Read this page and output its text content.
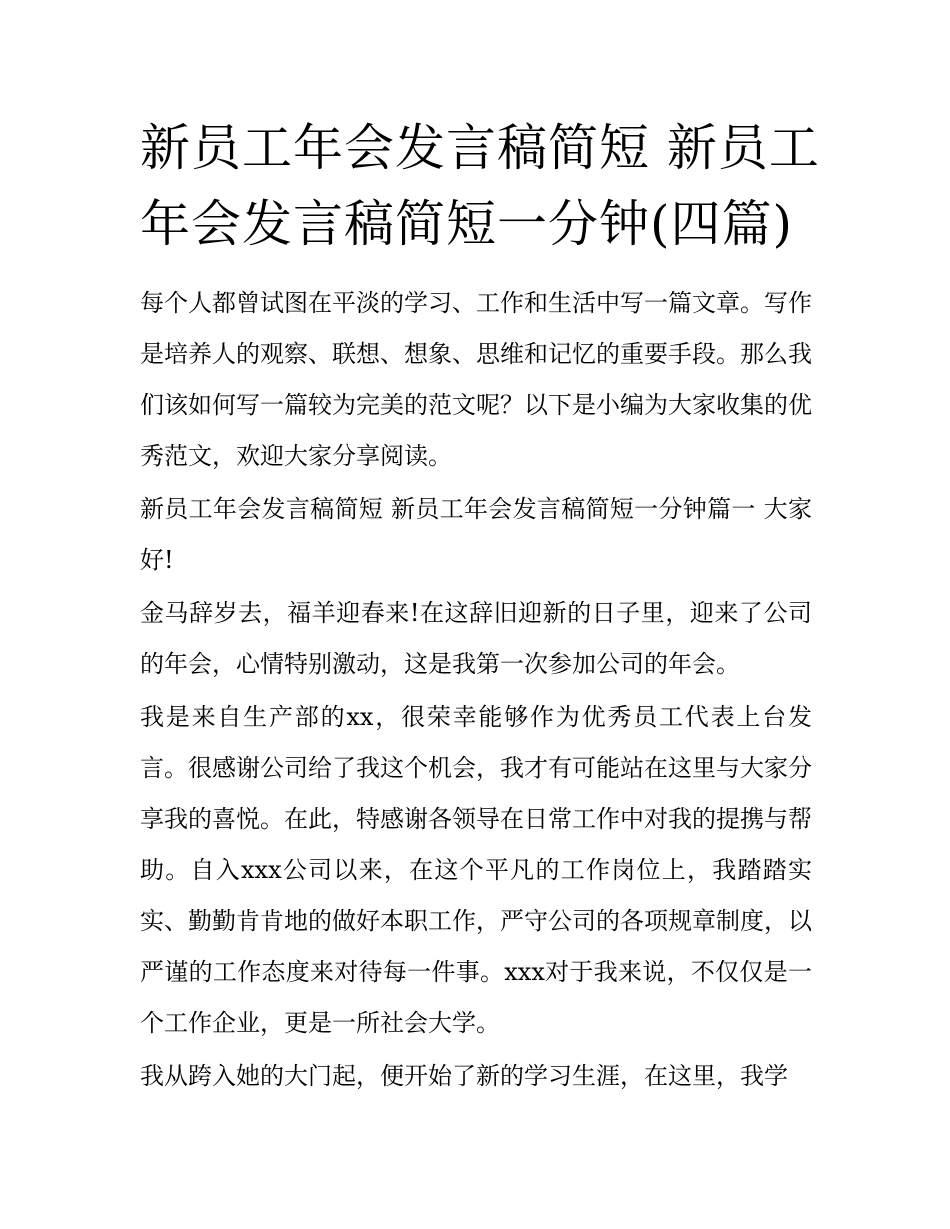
新员工年会发言稿简短 新员工年会发言稿简短一分钟(四篇)

每个人都曾试图在平淡的学习、工作和生活中写一篇文章。写作是培养人的观察、联想、想象、思维和记忆的重要手段。那么我们该如何写一篇较为完美的范文呢？以下是小编为大家收集的优秀范文，欢迎大家分享阅读。

新员工年会发言稿简短 新员工年会发言稿简短一分钟篇一 大家好!

金马辞岁去，福羊迎春来!在这辞旧迎新的日子里，迎来了公司的年会，心情特别激动，这是我第一次参加公司的年会。

我是来自生产部的xx，很荣幸能够作为优秀员工代表上台发言。很感谢公司给了我这个机会，我才有可能站在这里与大家分享我的喜悦。在此，特感谢各领导在日常工作中对我的提携与帮助。自入xxx公司以来，在这个平凡的工作岗位上，我踏踏实实、勤勤肯肯地的做好本职工作，严守公司的各项规章制度，以严谨的工作态度来对待每一件事。xxx对于我来说，不仅仅是一个工作企业，更是一所社会大学。

我从跨入她的大门起，便开始了新的学习生涯，在这里，我学
